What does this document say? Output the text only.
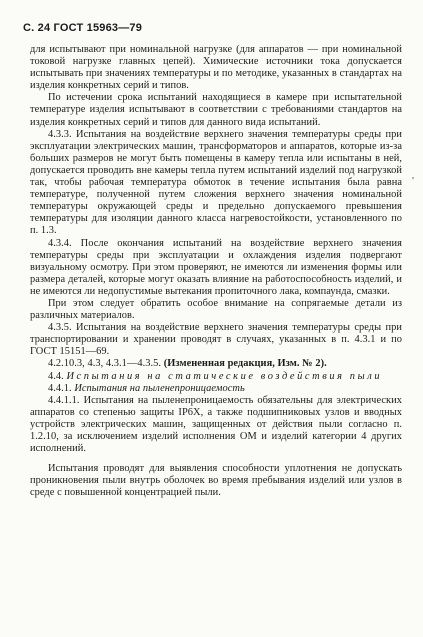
С. 24 ГОСТ 15963—79
'

для испытывают при номинальной нагрузке (для аппаратов — при номинальной токовой нагрузке главных цепей). Химические источники тока допускается испытывать при значениях температуры и по методике, указанных в стандартах на изделия конкретных серий и типов.

По истечении срока испытаний находящиеся в камере при испытательной температуре изделия испытывают в соответствии с требованиями стандартов на изделия конкретных серий и типов для данного вида испытаний.

4.3.3. Испытания на воздействие верхнего значения температуры среды при эксплуатации электрических машин, трансформаторов и аппаратов, которые из-за больших размеров не могут быть помещены в камеру тепла или испытаны в ней, допускается проводить вне камеры тепла путем испытаний изделий под нагрузкой так, чтобы рабочая температура обмоток в течение испытания была равна температуре, полученной путем сложения верхнего значения номинальной температуры окружающей среды и предельно допускаемого превышения температуры для изоляции данного класса нагревостойкости, установленного по п. 1.3.

4.3.4. После окончания испытаний на воздействие верхнего значения температуры среды при эксплуатации и охлаждения изделия подвергают визуальному осмотру. При этом проверяют, не имеются ли изменения формы или размера деталей, которые могут оказать влияние на работоспособность изделий, и не имеются ли недопустимые вытекания пропиточного лака, компаунда, смазки.

При этом следует обратить особое внимание на сопрягаемые детали из различных материалов.

4.3.5. Испытания на воздействие верхнего значения температуры среды при транспортировании и хранении проводят в случаях, указанных в п. 4.3.1 и по ГОСТ 15151—69.

4.2.10.3, 4.3, 4.3.1—4.3.5. (Измененная редакция, Изм. № 2).

4.4. Испытания на статические воздействия пыли

4.4.1. Испытания на пыленепроницаемость

4.4.1.1. Испытания на пыленепроницаемость обязательны для электрических аппаратов со степенью защиты IP6X, а также подшипниковых узлов и вводных устройств электрических машин, защищенных от действия пыли согласно п. 1.2.10, за исключением изделий исполнения ОМ и изделий категории 4 других исполнений.

Испытания проводят для выявления способности уплотнения не допускать проникновения пыли внутрь оболочек во время пребывания изделий или узлов в среде с повышенной концентрацией пыли.
